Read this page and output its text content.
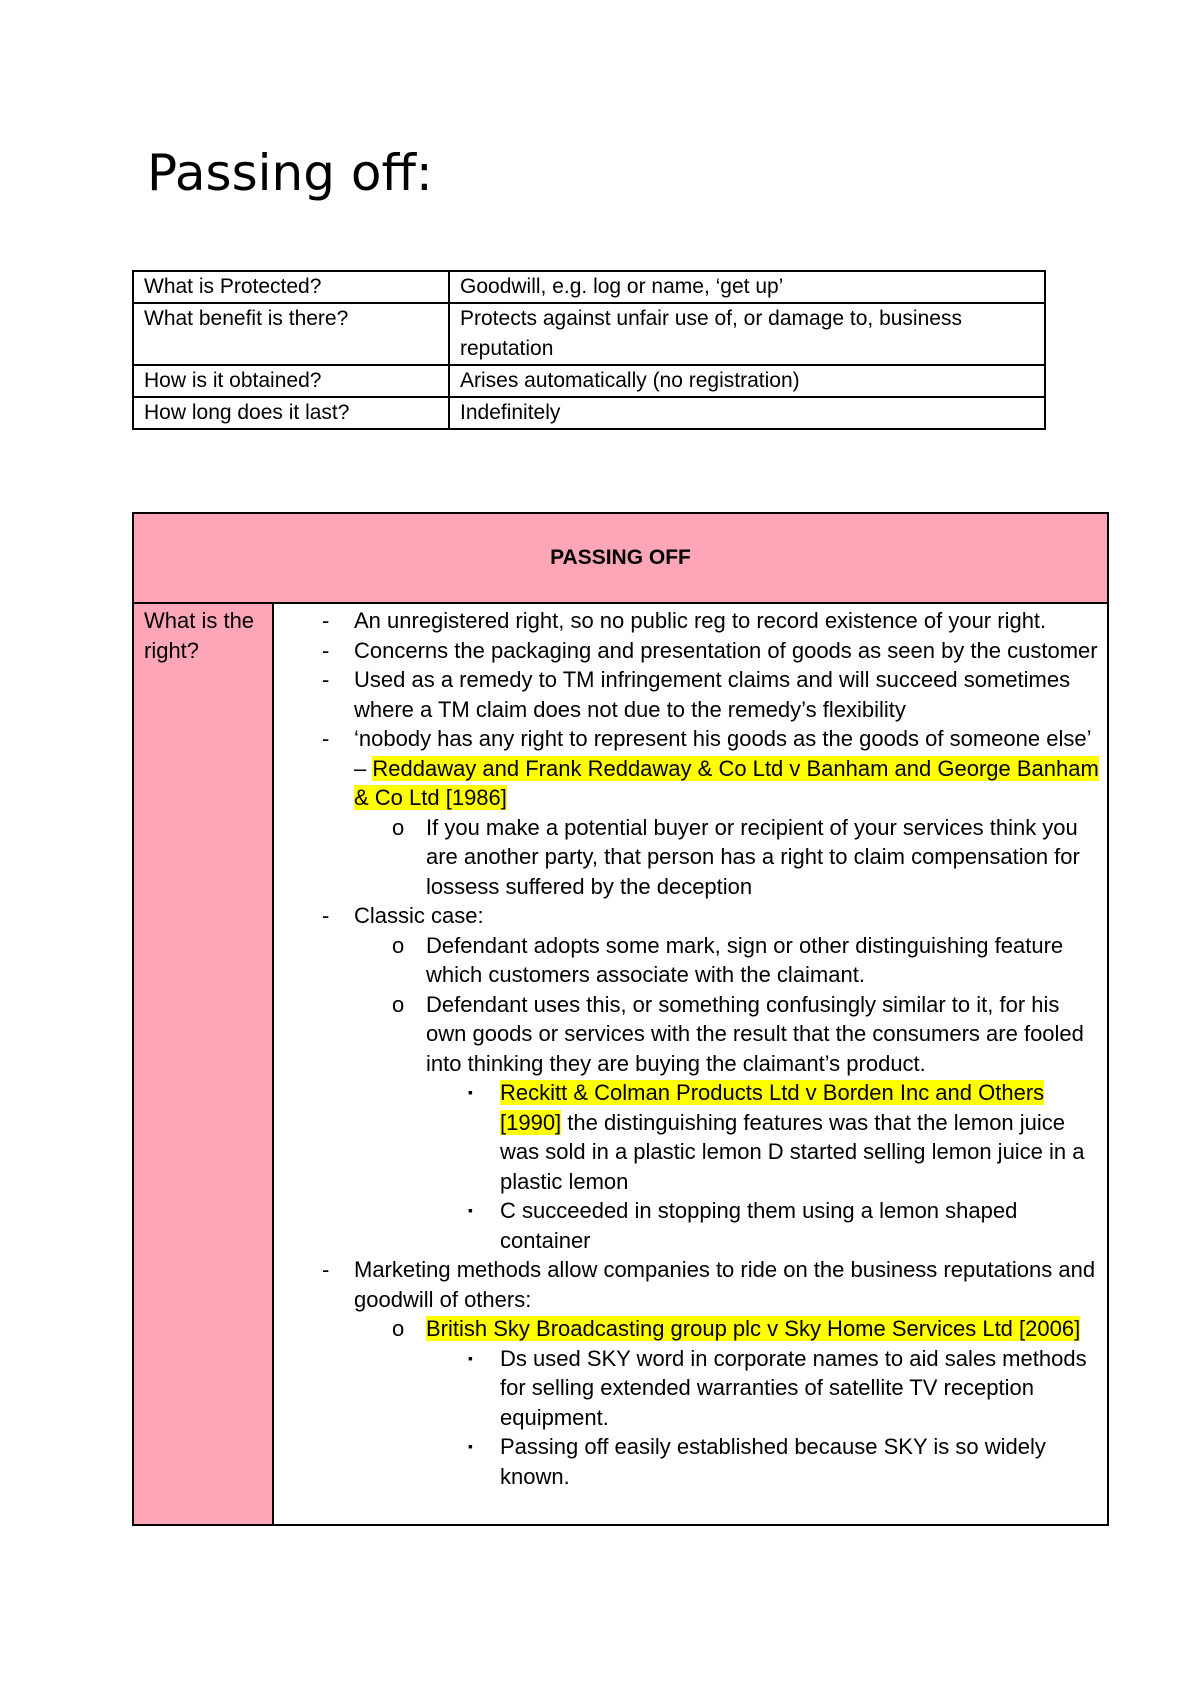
Passing off:
What is Protected?	Goodwill, e.g. log or name, ‘get up’
What benefit is there?	Protects against unfair use of, or damage to, business reputation
How is it obtained?	Arises automatically (no registration)
How long does it last?	Indefinitely
PASSING OFF
What is the right?	
- An unregistered right, so no public reg to record existence of your right.
- Concerns the packaging and presentation of goods as seen by the customer
- Used as a remedy to TM infringement claims and will succeed sometimes where a TM claim does not due to the remedy’s flexibility
- ‘nobody has any right to represent his goods as the goods of someone else’ – Reddaway and Frank Reddaway & Co Ltd v Banham and George Banham & Co Ltd [1986]
o If you make a potential buyer or recipient of your services think you are another party, that person has a right to claim compensation for lossess suffered by the deception
- Classic case:
o Defendant adopts some mark, sign or other distinguishing feature which customers associate with the claimant.
o Defendant uses this, or something confusingly similar to it, for his own goods or services with the result that the consumers are fooled into thinking they are buying the claimant’s product.
▪ Reckitt & Colman Products Ltd v Borden Inc and Others [1990] the distinguishing features was that the lemon juice was sold in a plastic lemon D started selling lemon juice in a plastic lemon
▪ C succeeded in stopping them using a lemon shaped container
- Marketing methods allow companies to ride on the business reputations and goodwill of others:
o British Sky Broadcasting group plc v Sky Home Services Ltd [2006]
▪ Ds used SKY word in corporate names to aid sales methods for selling extended warranties of satellite TV reception equipment.
▪ Passing off easily established because SKY is so widely known.
